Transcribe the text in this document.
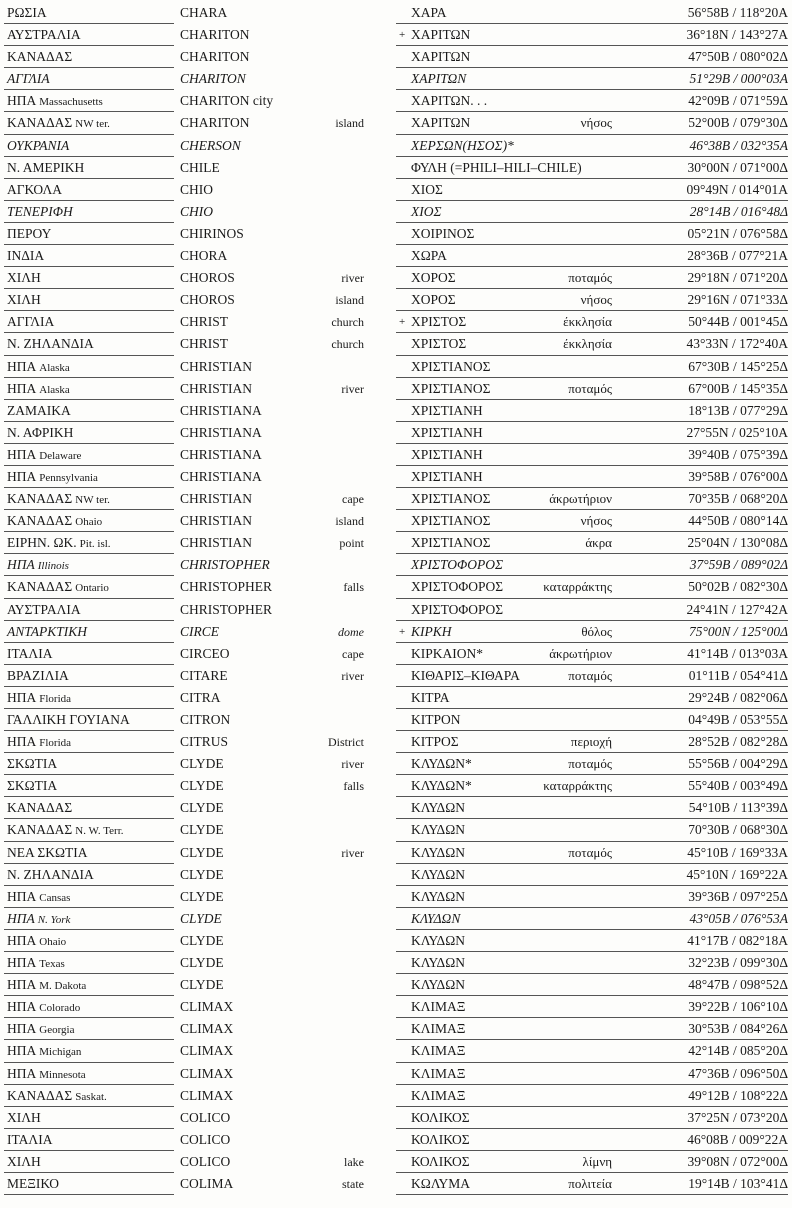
ΡΩΣΙΑ	CHARA	ΧΑΡΑ	56°58B / 118°20A
ΑΥΣΤΡΑΛΙΑ	CHARITON	+ ΧΑΡΙΤΩΝ	36°18N / 143°27A
ΚΑΝΑΔΑΣ	CHARITON	ΧΑΡΙΤΩΝ	47°50B / 080°02Δ
ΑΓΓΛΙΑ	CHARITON	ΧΑΡΙΤΩΝ	51°29B / 000°03A
ΗΠΑ Massachusetts	CHARITON city	ΧΑΡΙΤΩΝ. . .	42°09B / 071°59Δ
ΚΑΝΑΔΑΣ NW ter.	CHARITON	island	ΧΑΡΙΤΩΝ	νήσος	52°00B / 079°30Δ
ΟΥΚΡΑΝΙΑ	CHERSON	ΧΕΡΣΩΝ(ΗΣΟΣ)*	46°38B / 032°35A
Ν. ΑΜΕΡΙΚΗ	CHILE	ΦΥΛΗ (=PHILI–HILI–CHILE)	30°00N / 071°00Δ
ΑΓΚΟΛΑ	CHIO	ΧΙΟΣ	09°49N / 014°01A
ΤΕΝΕΡΙΦΗ	CHIO	ΧΙΟΣ	28°14B / 016°48Δ
ΠΕΡΟΥ	CHIRINOS	ΧΟΙΡΙΝΟΣ	05°21N / 076°58Δ
ΙΝΔΙΑ	CHORA	ΧΩΡΑ	28°36B / 077°21A
ΧΙΛΗ	CHOROS	river	ΧΟΡΟΣ	ποταμός	29°18N / 071°20Δ
ΧΙΛΗ	CHOROS	island	ΧΟΡΟΣ	νήσος	29°16N / 071°33Δ
ΑΓΓΛΙΑ	CHRIST	church	+ ΧΡΙΣΤΟΣ	έκκλησία	50°44B / 001°45Δ
Ν. ΖΗΛΑΝΔΙΑ	CHRIST	church	ΧΡΙΣΤΟΣ	έκκλησία	43°33N / 172°40A
ΗΠΑ Alaska	CHRISTIAN	ΧΡΙΣΤΙΑΝΟΣ	67°30B / 145°25Δ
ΗΠΑ Alaska	CHRISTIAN	river	ΧΡΙΣΤΙΑΝΟΣ	ποταμός	67°00B / 145°35Δ
ΖΑΜΑΙΚΑ	CHRISTIANA	ΧΡΙΣΤΙΑΝΗ	18°13B / 077°29Δ
Ν. ΑΦΡΙΚΗ	CHRISTIANA	ΧΡΙΣΤΙΑΝΗ	27°55N / 025°10A
ΗΠΑ Delaware	CHRISTIANA	ΧΡΙΣΤΙΑΝΗ	39°40B / 075°39Δ
ΗΠΑ Pennsylvania	CHRISTIANA	ΧΡΙΣΤΙΑΝΗ	39°58B / 076°00Δ
ΚΑΝΑΔΑΣ NW ter.	CHRISTIAN	cape	ΧΡΙΣΤΙΑΝΟΣ	άκρωτήριον	70°35B / 068°20Δ
ΚΑΝΑΔΑΣ Ohaio	CHRISTIAN	island	ΧΡΙΣΤΙΑΝΟΣ	νήσος	44°50B / 080°14Δ
ΕΙΡΗΝ. ΩΚ. Pit. isl.	CHRISTIAN	point	ΧΡΙΣΤΙΑΝΟΣ	άκρα	25°04N / 130°08Δ
ΗΠΑ Illinois	CHRISTOPHER	ΧΡΙΣΤΟΦΟΡΟΣ	37°59B / 089°02Δ
ΚΑΝΑΔΑΣ Ontario	CHRISTOPHER	falls	ΧΡΙΣΤΟΦΟΡΟΣ	καταρράκτης	50°02B / 082°30Δ
ΑΥΣΤΡΑΛΙΑ	CHRISTOPHER	ΧΡΙΣΤΟΦΟΡΟΣ	24°41N / 127°42A
ΑΝΤΑΡΚΤΙΚΗ	CIRCE	dome	+ ΚΙΡΚΗ	θόλος	75°00N / 125°00Δ
ΙΤΑΛΙΑ	CIRCEO	cape	ΚΙΡΚΑΙΟΝ*	άκρωτήριον	41°14B / 013°03A
ΒΡΑΖΙΛΙΑ	CITARE	river	ΚΙΘΑΡΙΣ–ΚΙΘΑΡΑ	ποταμός	01°11B / 054°41Δ
ΗΠΑ Florida	CITRA	ΚΙΤΡΑ	29°24B / 082°06Δ
ΓΑΛΛΙΚΗ ΓΟΥΙΑΝΑ	CITRON	ΚΙΤΡΟΝ	04°49B / 053°55Δ
ΗΠΑ Florida	CITRUS	District	ΚΙΤΡΟΣ	περιοχή	28°52B / 082°28Δ
ΣΚΩΤΙΑ	CLYDE	river	ΚΛΥΔΩΝ*	ποταμός	55°56B / 004°29Δ
ΣΚΩΤΙΑ	CLYDE	falls	ΚΛΥΔΩΝ*	καταρράκτης	55°40B / 003°49Δ
ΚΑΝΑΔΑΣ	CLYDE	ΚΛΥΔΩΝ	54°10B / 113°39Δ
ΚΑΝΑΔΑΣ N. W. Terr.	CLYDE	ΚΛΥΔΩΝ	70°30B / 068°30Δ
ΝΕΑ ΣΚΩΤΙΑ	CLYDE	river	ΚΛΥΔΩΝ	ποταμός	45°10B / 169°33A
Ν. ΖΗΛΑΝΔΙΑ	CLYDE	ΚΛΥΔΩΝ	45°10N / 169°22A
ΗΠΑ Cansas	CLYDE	ΚΛΥΔΩΝ	39°36B / 097°25Δ
ΗΠΑ N. York	CLYDE	ΚΛΥΔΩΝ	43°05B / 076°53A
ΗΠΑ Ohaio	CLYDE	ΚΛΥΔΩΝ	41°17B / 082°18A
ΗΠΑ Texas	CLYDE	ΚΛΥΔΩΝ	32°23B / 099°30Δ
ΗΠΑ M. Dakota	CLYDE	ΚΛΥΔΩΝ	48°47B / 098°52Δ
ΗΠΑ Colorado	CLIMAX	ΚΛΙΜΑΞ	39°22B / 106°10Δ
ΗΠΑ Georgia	CLIMAX	ΚΛΙΜΑΞ	30°53B / 084°26Δ
ΗΠΑ Michigan	CLIMAX	ΚΛΙΜΑΞ	42°14B / 085°20Δ
ΗΠΑ Minnesota	CLIMAX	ΚΛΙΜΑΞ	47°36B / 096°50Δ
ΚΑΝΑΔΑΣ Saskat.	CLIMAX	ΚΛΙΜΑΞ	49°12B / 108°22Δ
ΧΙΛΗ	COLICO	ΚΟΛΙΚΟΣ	37°25N / 073°20Δ
ΙΤΑΛΙΑ	COLICO	ΚΟΛΙΚΟΣ	46°08B / 009°22A
ΧΙΛΗ	COLICO	lake	ΚΟΛΙΚΟΣ	λίμνη	39°08N / 072°00Δ
ΜΕΞΙΚΟ	COLIMA	state	ΚΩΛΥΜΑ	πολιτεία	19°14B / 103°41Δ
